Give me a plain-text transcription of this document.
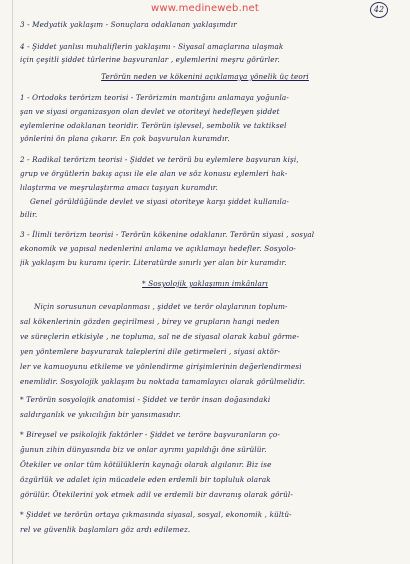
www.medineweb.net	42
3 - Medyatik yaklaşım - Sonuçlara odaklanan yaklaşımdır
4 - Şiddet yanlısı muhaliflerin yaklaşımı - Siyasal amaçlarına ulaşmak
için çeşitli şiddet türlerine başvuranlar , eylemlerini meşru görürler.
Terörün neden ve kökenini açıklamaya yönelik üç teori
1 - Ortodoks terörizm teorisi - Terörizmin mantığını anlamaya yoğunla-
şan ve siyasi organizasyon olan devlet ve otoriteyi hedefleyen şiddet
eylemlerine odaklanan teoridir. Terörün işlevsel, sembolik ve taktiksel
yönlerini ön plana çıkarır. En çok başvurulan kuramdır.
2 - Radikal terörizm teorisi - Şiddet ve terörü bu eylemlere başvuran kişi,
grup ve örgütlerin bakış açısı ile ele alan ve söz konusu eylemleri hak-
lılaştırma ve meşrulaştırma amacı taşıyan kuramdır.
Genel görüldüğünde devlet ve siyasi otoriteye karşı şiddet kullanıla-
bilir.
3 - İlimli terörizm teorisi - Terörün kökenine odaklanır. Terörün siyasi , sosyal
ekonomik ve yapısal nedenlerini anlama ve açıklamayı hedefler. Sosyolo-
jik yaklaşım bu kuramı içerir. Literatürde sınırlı yer alan bir kuramdır.
* Sosyolojik yaklaşımın imkânları
Niçin sorusunun cevaplanması , şiddet ve terör olaylarının toplum-
sal kökenlerinin gözden geçirilmesi , birey ve grupların hangi neden
ve süreçlerin etkisiyle , ne topluma, sal ne de siyasal olarak kabul görme-
yen yöntemlere başvurarak taleplerini dile getirmeleri , siyasi aktör-
ler ve kamuoyunu etkileme ve yönlendirme girişimlerinin değerlendirmesi
enemlidir. Sosyolojik yaklaşım bu noktada tamamlayıcı olarak görülmelidir.
* Terörün sosyolojik anatomisi - Şiddet ve terör insan doğasındaki
saldırganlık ve yıkıcılığın bir yansımasıdır.
* Bireysel ve psikolojik faktörler - Şiddet ve teröre başvuranların ço-
ğunun zihin dünyasında biz ve onlar ayrımı yapıldığı öne sürülür.
Ötekiler ve onlar tüm kötülüklerin kaynağı olarak algılanır. Biz ise
özgürlük ve adalet için mücadele eden erdemli bir topluluk olarak
görülür. Ötekilerini yok etmek adil ve erdemli bir davranış olarak görül-
* Şiddet ve terörün ortaya çıkmasında siyasal, sosyal, ekonomik , kültü-
rel ve güvenlik başlamları göz ardı edilemez.
